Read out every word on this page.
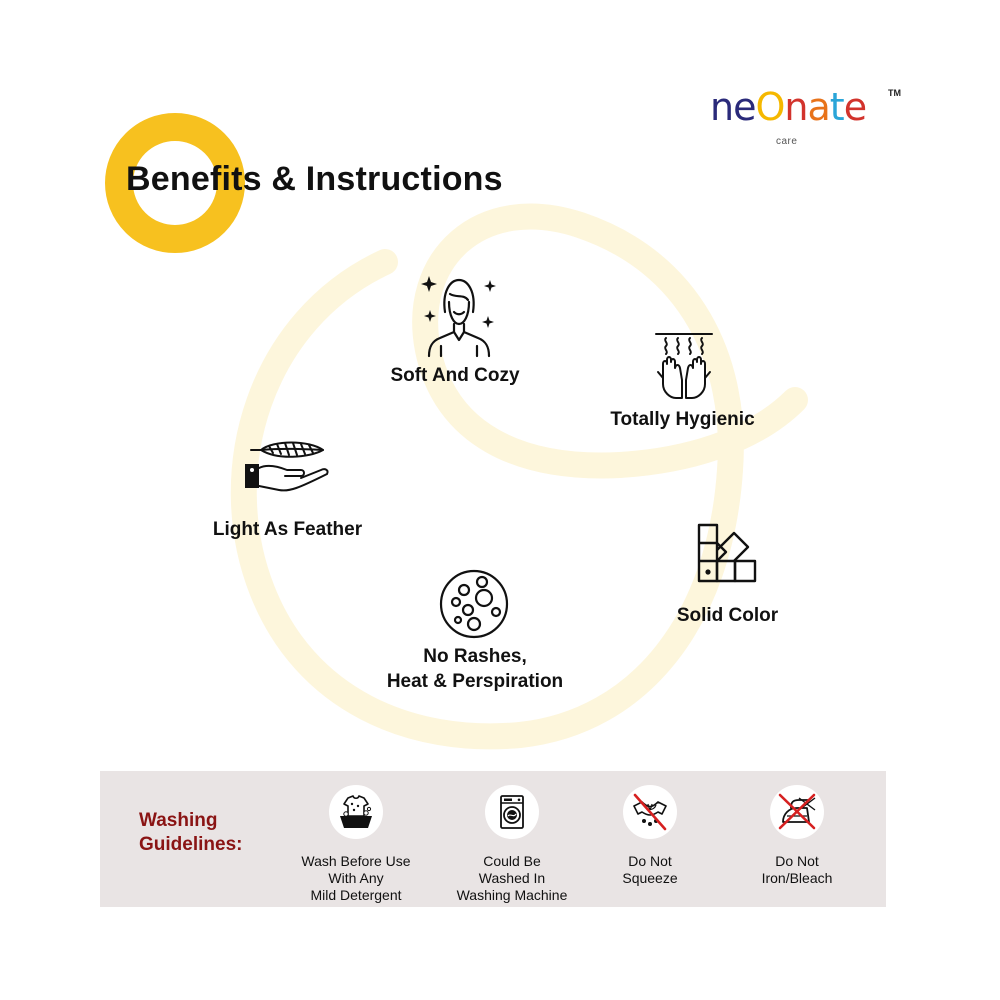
Benefits & Instructions
neOnate TM
care
Soft And Cozy
Totally Hygienic
Light As Feather
Solid Color
No Rashes,
Heat & Perspiration
Washing
Guidelines:
Wash Before Use
With Any
Mild Detergent
Could Be
Washed In
Washing Machine
Do Not
Squeeze
Do Not
Iron/Bleach
